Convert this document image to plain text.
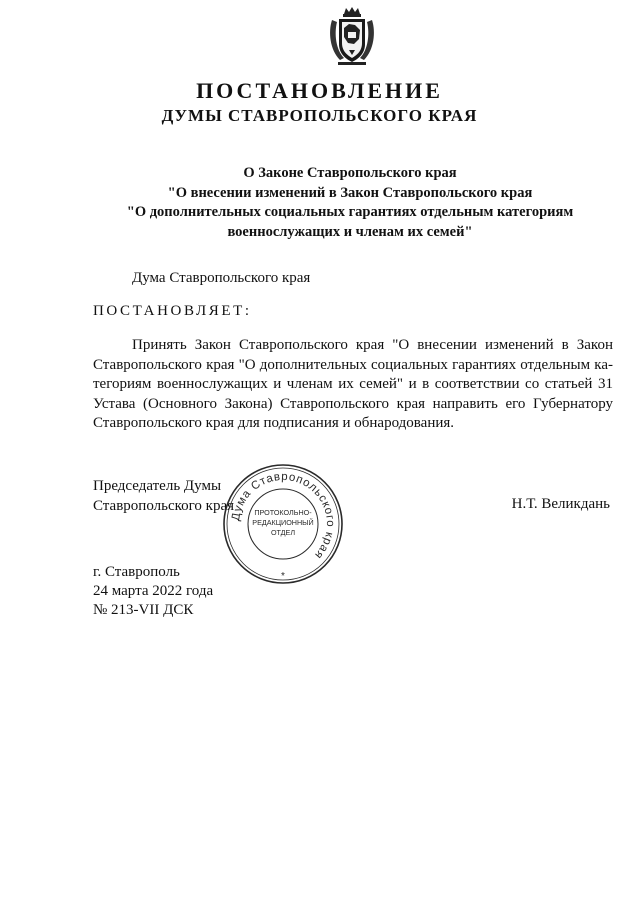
ПОСТАНОВЛЕНИЕ
ДУМЫ СТАВРОПОЛЬСКОГО КРАЯ
О Законе Ставропольского края
"О внесении изменений в Закон Ставропольского края
"О дополнительных социальных гарантиях отдельным категориям
военнослужащих и членам их семей"
Дума Ставропольского края
ПОСТАНОВЛЯЕТ:
Принять Закон Ставропольского края "О внесении изменений в Закон
Ставропольского края "О дополнительных социальных гарантиях отдельным ка-
тегориям военнослужащих и членам их семей" и в соответствии со статьей 31
Устава (Основного Закона) Ставропольского края направить его Губернатору
Ставропольского края для подписания и обнародования.
Председатель Думы
Ставропольского края
Дума Ставропольского края
ПРОТОКОЛЬНО-
РЕДАКЦИОННЫЙ
ОТДЕЛ
*
Н.Т. Великдань
г. Ставрополь
24 марта 2022 года
№ 213-VII ДСК
